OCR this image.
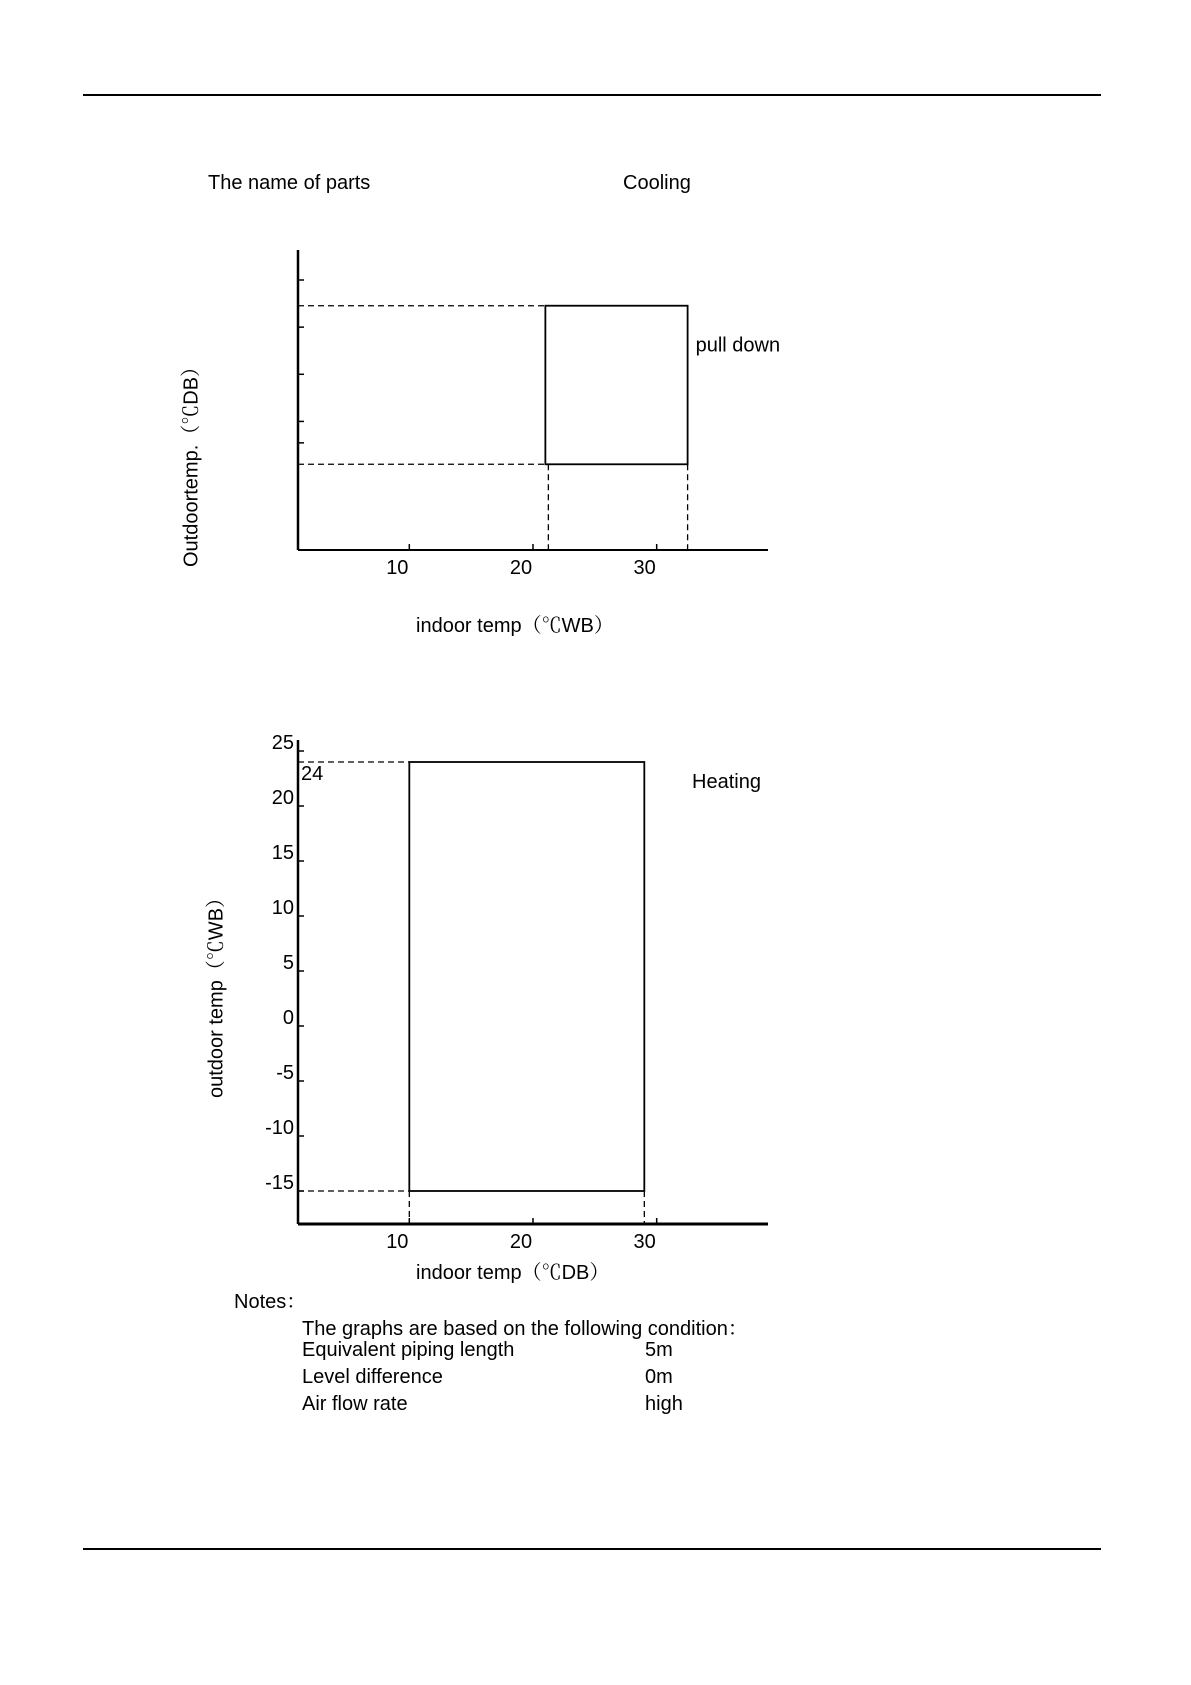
The name of parts	Cooling
10	20	30
pull down
Outdoortemp.（℃DB）
indoor temp（℃WB）
10	20	30
25
20
15
10
5
0
-5
-10
-15
24
outdoor temp（℃WB）
Heating
indoor temp（℃DB）
Notes：
The graphs are based on the following condition：
Equivalent piping length	5m
Level difference	0m
Air flow rate	high
